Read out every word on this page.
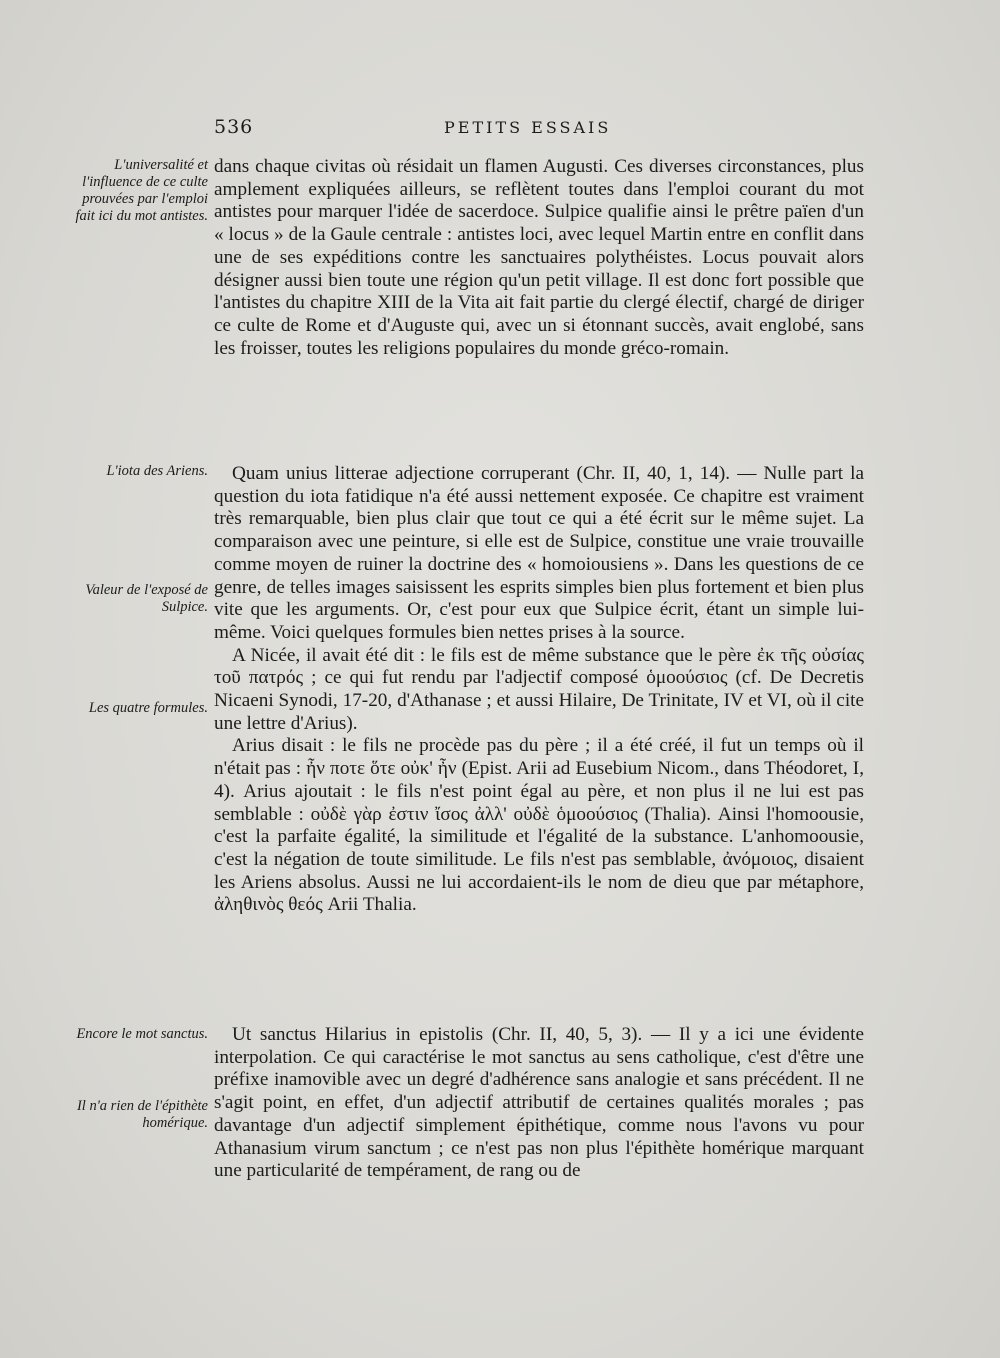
536	PETITS ESSAIS
L'universalité et l'influence de ce culte prouvées par l'emploi fait ici du mot antistes.
L'iota des Ariens.
Valeur de l'exposé de Sulpice.
Les quatre formules.
Encore le mot sanctus.
Il n'a rien de l'épithète homérique.

dans chaque civitas où résidait un flamen Augusti. Ces diverses circonstances, plus amplement expliquées ailleurs, se reflètent toutes dans l'emploi courant du mot antistes pour marquer l'idée de sacerdoce. Sulpice qualifie ainsi le prêtre païen d'un « locus » de la Gaule centrale : antistes loci, avec lequel Martin entre en conflit dans une de ses expéditions contre les sanctuaires polythéistes. Locus pouvait alors désigner aussi bien toute une région qu'un petit village. Il est donc fort possible que l'antistes du chapitre XIII de la Vita ait fait partie du clergé électif, chargé de diriger ce culte de Rome et d'Auguste qui, avec un si étonnant succès, avait englobé, sans les froisser, toutes les religions populaires du monde gréco-romain.

Quam unius litterae adjectione corruperant (Chr. II, 40, 1, 14). — Nulle part la question du iota fatidique n'a été aussi nettement exposée. Ce chapitre est vraiment très remarquable, bien plus clair que tout ce qui a été écrit sur le même sujet. La comparaison avec une peinture, si elle est de Sulpice, constitue une vraie trouvaille comme moyen de ruiner la doctrine des « homoiousiens ». Dans les questions de ce genre, de telles images saisissent les esprits simples bien plus fortement et bien plus vite que les arguments. Or, c'est pour eux que Sulpice écrit, étant un simple lui-même. Voici quelques formules bien nettes prises à la source.

A Nicée, il avait été dit : le fils est de même substance que le père ἐκ τῆς οὐσίας τοῦ πατρός ; ce qui fut rendu par l'adjectif composé ὁμοούσιος (cf. De Decretis Nicaeni Synodi, 17-20, d'Athanase ; et aussi Hilaire, De Trinitate, IV et VI, où il cite une lettre d'Arius).

Arius disait : le fils ne procède pas du père ; il a été créé, il fut un temps où il n'était pas : ἦν ποτε ὅτε οὐκ' ἦν (Epist. Arii ad Eusebium Nicom., dans Théodoret, I, 4). Arius ajoutait : le fils n'est point égal au père, et non plus il ne lui est pas semblable : οὐδὲ γὰρ ἐστιν ἴσος ἀλλ' οὐδὲ ὁμοούσιος (Thalia). Ainsi l'homoousie, c'est la parfaite égalité, la similitude et l'égalité de la substance. L'anhomoousie, c'est la négation de toute similitude. Le fils n'est pas semblable, ἀνόμοιος, disaient les Ariens absolus. Aussi ne lui accordaient-ils le nom de dieu que par métaphore, ἀληθινὸς θεός Arii Thalia.

Ut sanctus Hilarius in epistolis (Chr. II, 40, 5, 3). — Il y a ici une évidente interpolation. Ce qui caractérise le mot sanctus au sens catholique, c'est d'être une préfixe inamovible avec un degré d'adhérence sans analogie et sans précédent. Il ne s'agit point, en effet, d'un adjectif attributif de certaines qualités morales ; pas davantage d'un adjectif simplement épithétique, comme nous l'avons vu pour Athanasium virum sanctum ; ce n'est pas non plus l'épithète homérique marquant une particularité de tempérament, de rang ou de
